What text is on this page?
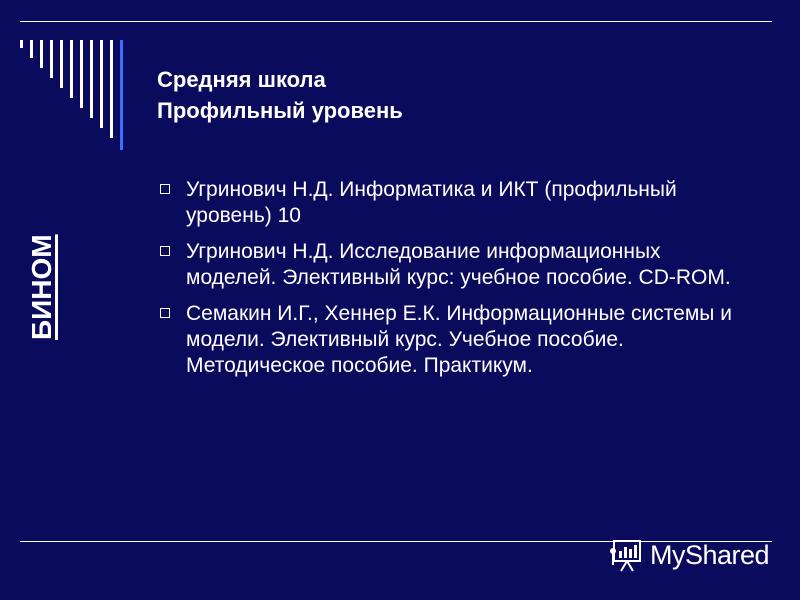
Средняя школа
Профильный уровень
Угринович Н.Д. Информатика и ИКТ (профильный уровень) 10
Угринович Н.Д. Исследование информационных моделей. Элективный курс: учебное пособие. CD-ROM.
Семакин И.Г., Хеннер Е.К. Информационные системы и модели. Элективный курс. Учебное пособие. Методическое пособие. Практикум.
БИНОМ
MyShared
